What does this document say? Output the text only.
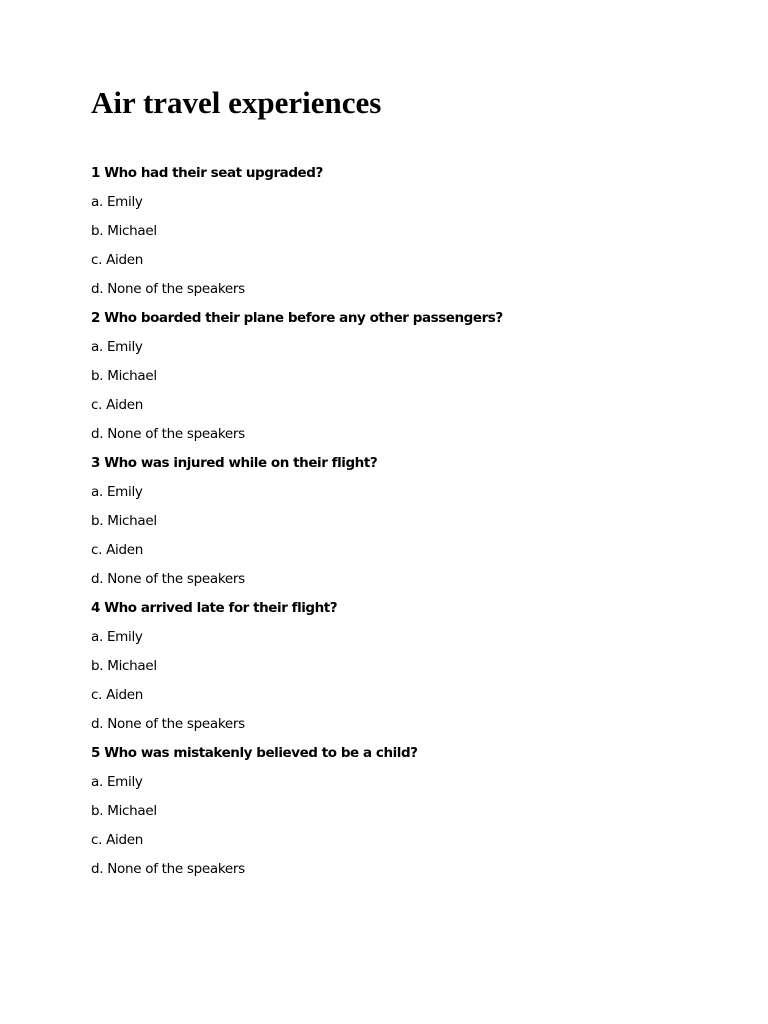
Air travel experiences
1 Who had their seat upgraded?
a. Emily
b. Michael
c. Aiden
d. None of the speakers
2 Who boarded their plane before any other passengers?
a. Emily
b. Michael
c. Aiden
d. None of the speakers
3 Who was injured while on their flight?
a. Emily
b. Michael
c. Aiden
d. None of the speakers
4 Who arrived late for their flight?
a. Emily
b. Michael
c. Aiden
d. None of the speakers
5 Who was mistakenly believed to be a child?
a. Emily
b. Michael
c. Aiden
d. None of the speakers
